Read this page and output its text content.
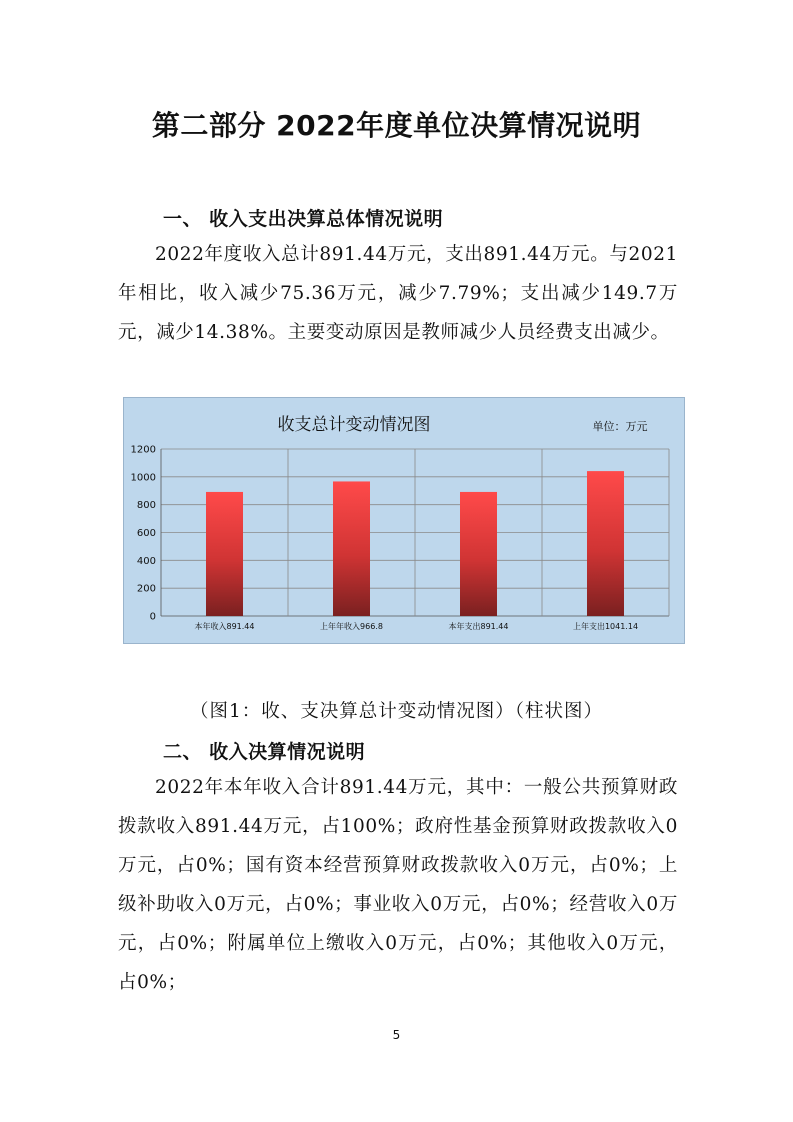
第二部分 2022年度单位决算情况说明
一、 收入支出决算总体情况说明
2022年度收入总计891.44万元，支出891.44万元。与2021年相比，收入减少75.36万元，减少7.79%；支出减少149.7万元，减少14.38%。主要变动原因是教师减少人员经费支出减少。
收支总计变动情况图	单位：万元
0
200
400
600
800
1000
1200
本年收入891.44	上年年收入966.8	本年支出891.44	上年支出1041.14
（图1：收、支决算总计变动情况图）（柱状图）
二、 收入决算情况说明
2022年本年收入合计891.44万元，其中：一般公共预算财政拨款收入891.44万元，占100%；政府性基金预算财政拨款收入0万元，占0%；国有资本经营预算财政拨款收入0万元，占0%；上级补助收入0万元，占0%；事业收入0万元，占0%；经营收入0万元，占0%；附属单位上缴收入0万元，占0%；其他收入0万元，占0%；
5
